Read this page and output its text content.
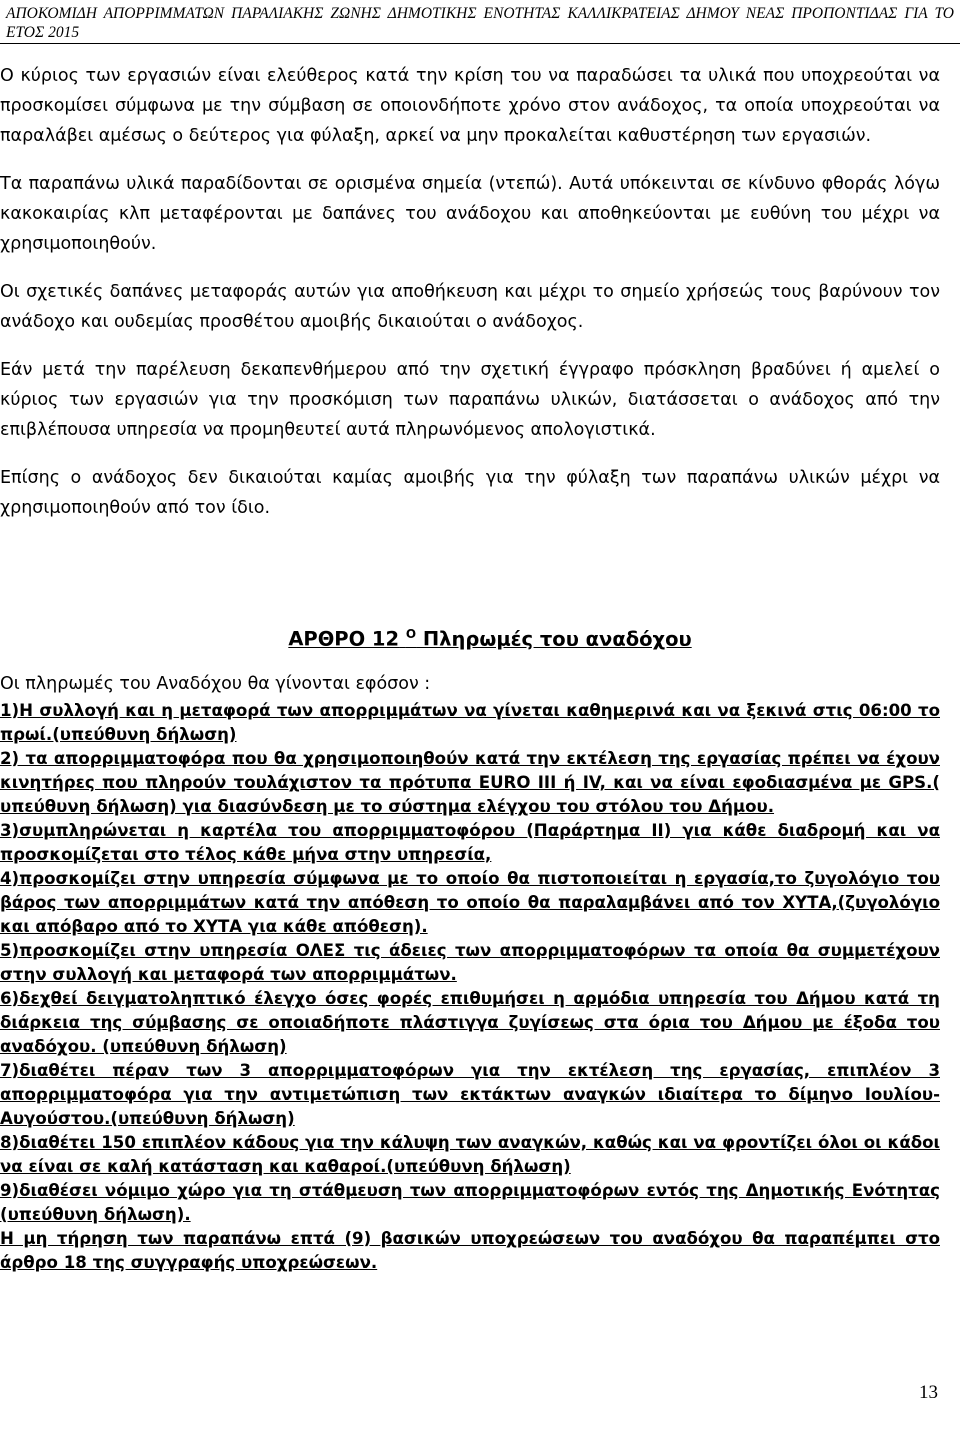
ΑΠΟΚΟΜΙΔΗ ΑΠΟΡΡΙΜΜΑΤΩΝ ΠΑΡΑΛΙΑΚΗΣ ΖΩΝΗΣ ΔΗΜΟΤΙΚΗΣ ΕΝΟΤΗΤΑΣ ΚΑΛΛΙΚΡΑΤΕΙΑΣ ΔΗΜΟΥ ΝΕΑΣ ΠΡΟΠΟΝΤΙΔΑΣ ΓΙΑ ΤΟ ΕΤΟΣ 2015

Ο κύριος των εργασιών είναι ελεύθερος κατά την κρίση του να παραδώσει τα υλικά που υποχρεούται να προσκομίσει σύμφωνα με την σύμβαση σε οποιονδήποτε χρόνο στον ανάδοχος, τα οποία υποχρεούται να παραλάβει αμέσως ο δεύτερος για φύλαξη, αρκεί να μην προκαλείται καθυστέρηση των εργασιών.

Τα παραπάνω υλικά παραδίδονται σε ορισμένα σημεία (ντεπώ). Αυτά υπόκεινται σε κίνδυνο φθοράς λόγω κακοκαιρίας κλπ μεταφέρονται με δαπάνες του ανάδοχου και αποθηκεύονται με ευθύνη του μέχρι να χρησιμοποιηθούν.

Οι σχετικές δαπάνες μεταφοράς αυτών για αποθήκευση και μέχρι το σημείο χρήσεώς τους βαρύνουν τον ανάδοχο και ουδεμίας προσθέτου αμοιβής δικαιούται ο ανάδοχος.

Εάν μετά την παρέλευση δεκαπενθήμερου από την σχετική έγγραφο πρόσκληση βραδύνει ή αμελεί ο κύριος των εργασιών για την προσκόμιση των παραπάνω υλικών, διατάσσεται ο ανάδοχος από την επιβλέπουσα υπηρεσία να προμηθευτεί αυτά πληρωνόμενος απολογιστικά.

Επίσης ο ανάδοχος δεν δικαιούται καμίας αμοιβής για την φύλαξη των παραπάνω υλικών μέχρι να χρησιμοποιηθούν από τον ίδιο.

ΑΡΘΡΟ 12 $^O$ Πληρωμές του αναδόχου

Οι πληρωμές του Αναδόχου θα γίνονται εφόσον :

1)Η συλλογή και η μεταφορά των απορριμμάτων να γίνεται καθημερινά και να ξεκινά στις 06:00 το πρωί.(υπεύθυνη δήλωση)

2) τα απορριμματοφόρα που θα χρησιμοποιηθούν κατά την εκτέλεση της εργασίας πρέπει να έχουν κινητήρες που πληρούν τουλάχιστον τα πρότυπα EURO III ή IV, και να είναι εφοδιασμένα με GPS.( υπεύθυνη δήλωση) για διασύνδεση με το σύστημα ελέγχου του στόλου του Δήμου.

3)συμπληρώνεται η καρτέλα του απορριμματοφόρου (Παράρτημα ΙΙ) για κάθε διαδρομή και να προσκομίζεται στο τέλος κάθε μήνα στην υπηρεσία,

4)προσκομίζει στην υπηρεσία σύμφωνα με το οποίο θα πιστοποιείται η εργασία,το ζυγολόγιο του βάρος των απορριμμάτων κατά την απόθεση το οποίο θα παραλαμβάνει από τον ΧΥΤΑ,(ζυγολόγιο και απόβαρο από το ΧΥΤΑ για κάθε απόθεση).

5)προσκομίζει στην υπηρεσία ΟΛΕΣ τις άδειες των απορριμματοφόρων τα οποία θα συμμετέχουν στην συλλογή και μεταφορά των απορριμμάτων.

6)δεχθεί δειγματοληπτικό έλεγχο όσες φορές επιθυμήσει η αρμόδια υπηρεσία του Δήμου κατά τη διάρκεια της σύμβασης σε οποιαδήποτε πλάστιγγα ζυγίσεως στα όρια του Δήμου με έξοδα του αναδόχου. (υπεύθυνη δήλωση)

7)διαθέτει πέραν των 3 απορριμματοφόρων για την εκτέλεση της εργασίας, επιπλέον 3 απορριμματοφόρα για την αντιμετώπιση των εκτάκτων αναγκών ιδιαίτερα το δίμηνο Ιουλίου-Αυγούστου.(υπεύθυνη δήλωση)

8)διαθέτει 150 επιπλέον κάδους για την κάλυψη των αναγκών, καθώς και να φροντίζει όλοι οι κάδοι να είναι σε καλή κατάσταση και καθαροί.(υπεύθυνη δήλωση)

9)διαθέσει νόμιμο χώρο για τη στάθμευση των απορριμματοφόρων εντός της Δημοτικής Ενότητας (υπεύθυνη δήλωση).

Η μη τήρηση των παραπάνω επτά (9) βασικών υποχρεώσεων του αναδόχου θα παραπέμπει στο άρθρο 18 της συγγραφής υποχρεώσεων.

13
